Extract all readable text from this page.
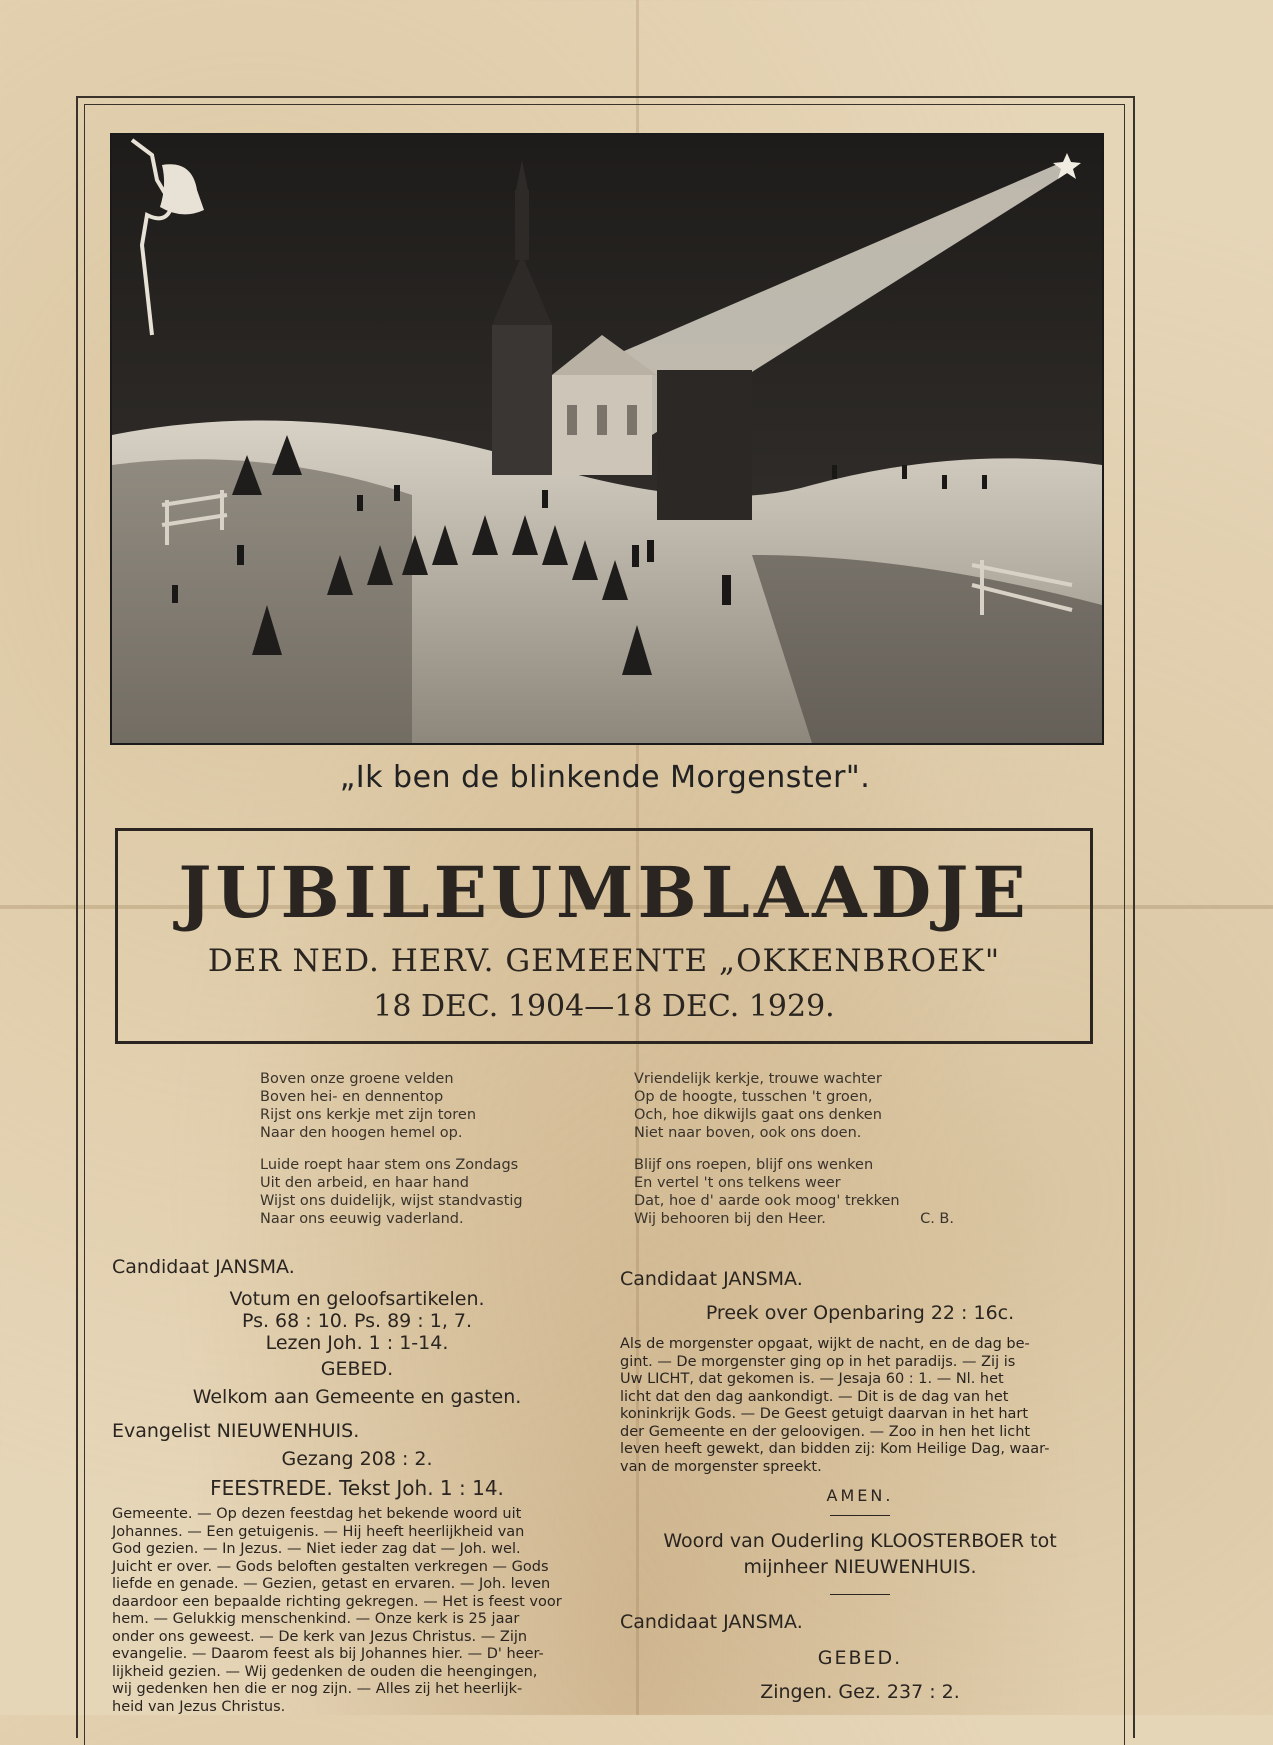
„Ik ben de blinkende Morgenster".
JUBILEUMBLAADJE
DER NED. HERV. GEMEENTE „OKKENBROEK"
18 DEC. 1904—18 DEC. 1929.

Boven onze groene velden
Boven hei- en dennentop
Rijst ons kerkje met zijn toren
Naar den hoogen hemel op.

Luide roept haar stem ons Zondags
Uit den arbeid, en haar hand
Wijst ons duidelijk, wijst standvastig
Naar ons eeuwig vaderland.

Vriendelijk kerkje, trouwe wachter
Op de hoogte, tusschen 't groen,
Och, hoe dikwijls gaat ons denken
Niet naar boven, ook ons doen.

Blijf ons roepen, blijf ons wenken
En vertel 't ons telkens weer
Dat, hoe d' aarde ook moog' trekken
Wij behooren bij den Heer.	C. B.

Candidaat JANSMA.
Votum en geloofsartikelen.
Ps. 68 : 10. Ps. 89 : 1, 7.
Lezen Joh. 1 : 1-14.
GEBED.
Welkom aan Gemeente en gasten.
Evangelist NIEUWENHUIS.
Gezang 208 : 2.
FEESTREDE. Tekst Joh. 1 : 14.
Gemeente. — Op dezen feestdag het bekende woord uit
Johannes. — Een getuigenis. — Hij heeft heerlijkheid van
God gezien. — In Jezus. — Niet ieder zag dat — Joh. wel.
Juicht er over. — Gods beloften gestalten verkregen — Gods
liefde en genade. — Gezien, getast en ervaren. — Joh. leven
daardoor een bepaalde richting gekregen. — Het is feest voor
hem. — Gelukkig menschenkind. — Onze kerk is 25 jaar
onder ons geweest. — De kerk van Jezus Christus. — Zijn
evangelie. — Daarom feest als bij Johannes hier. — D' heer-
lijkheid gezien. — Wij gedenken de ouden die heengingen,
wij gedenken hen die er nog zijn. — Alles zij het heerlijk-
heid van Jezus Christus.
Candidaat JANSMA.
Preek over Openbaring 22 : 16c.
Als de morgenster opgaat, wijkt de nacht, en de dag be-
gint. — De morgenster ging op in het paradijs. — Zij is
Uw LICHT, dat gekomen is. — Jesaja 60 : 1. — Nl. het
licht dat den dag aankondigt. — Dit is de dag van het
koninkrijk Gods. — De Geest getuigt daarvan in het hart
der Gemeente en der geloovigen. — Zoo in hen het licht
leven heeft gewekt, dan bidden zij: Kom Heilige Dag, waar-
van de morgenster spreekt.
AMEN.
Woord van Ouderling KLOOSTERBOER tot
mijnheer NIEUWENHUIS.
Candidaat JANSMA.
GEBED.
Zingen. Gez. 237 : 2.
